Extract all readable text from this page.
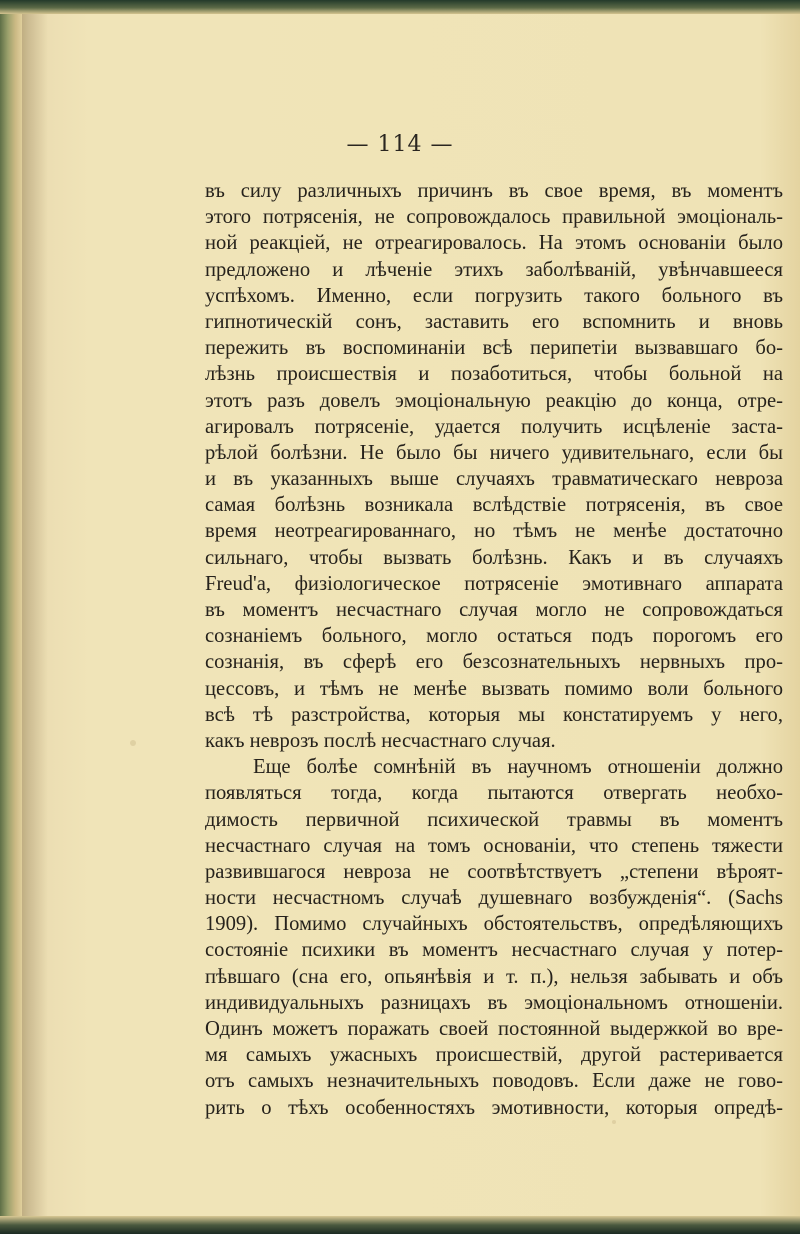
— 114 —
въ силу различныхъ причинъ въ свое время, въ моментъ
этого потрясенія, не сопровождалось правильной эмоціональ-
ной реакціей, не отреагировалось. На этомъ основаніи было
предложено и лѣченіе этихъ заболѣваній, увѣнчавшееся
успѣхомъ. Именно, если погрузить такого больного въ
гипнотическій сонъ, заставить его вспомнить и вновь
пережить въ воспоминаніи всѣ перипетіи вызвавшаго бо-
лѣзнь происшествія и позаботиться, чтобы больной на
этотъ разъ довелъ эмоціональную реакцію до конца, отре-
агировалъ потрясеніе, удается получить исцѣленіе заста-
рѣлой болѣзни. Не было бы ничего удивительнаго, если бы
и въ указанныхъ выше случаяхъ травматическаго невроза
самая болѣзнь возникала вслѣдствіе потрясенія, въ свое
время неотреагированнаго, но тѣмъ не менѣе достаточно
сильнаго, чтобы вызвать болѣзнь. Какъ и въ случаяхъ
Freud'а, физіологическое потрясеніе эмотивнаго аппарата
въ моментъ несчастнаго случая могло не сопровождаться
сознаніемъ больного, могло остаться подъ порогомъ его
сознанія, въ сферѣ его безсознательныхъ нервныхъ про-
цессовъ, и тѣмъ не менѣе вызвать помимо воли больного
всѣ тѣ разстройства, которыя мы констатируемъ у него,
какъ неврозъ послѣ несчастнаго случая.
Еще болѣе сомнѣній въ научномъ отношеніи должно
появляться тогда, когда пытаются отвергать необхо-
димость первичной психической травмы въ моментъ
несчастнаго случая на томъ основаніи, что степень тяжести
развившагося невроза не соотвѣтствуетъ „степени вѣроят-
ности несчастномъ случаѣ душевнаго возбужденія“. (Sachs
1909). Помимо случайныхъ обстоятельствъ, опредѣляющихъ
состояніе психики въ моментъ несчастнаго случая у потер-
пѣвшаго (сна его, опьянѣвія и т. п.), нельзя забывать и объ
индивидуальныхъ разницахъ въ эмоціональномъ отношеніи.
Одинъ можетъ поражать своей постоянной выдержкой во вре-
мя самыхъ ужасныхъ происшествій, другой растеривается
отъ самыхъ незначительныхъ поводовъ. Если даже не гово-
рить о тѣхъ особенностяхъ эмотивности, которыя опредѣ-
